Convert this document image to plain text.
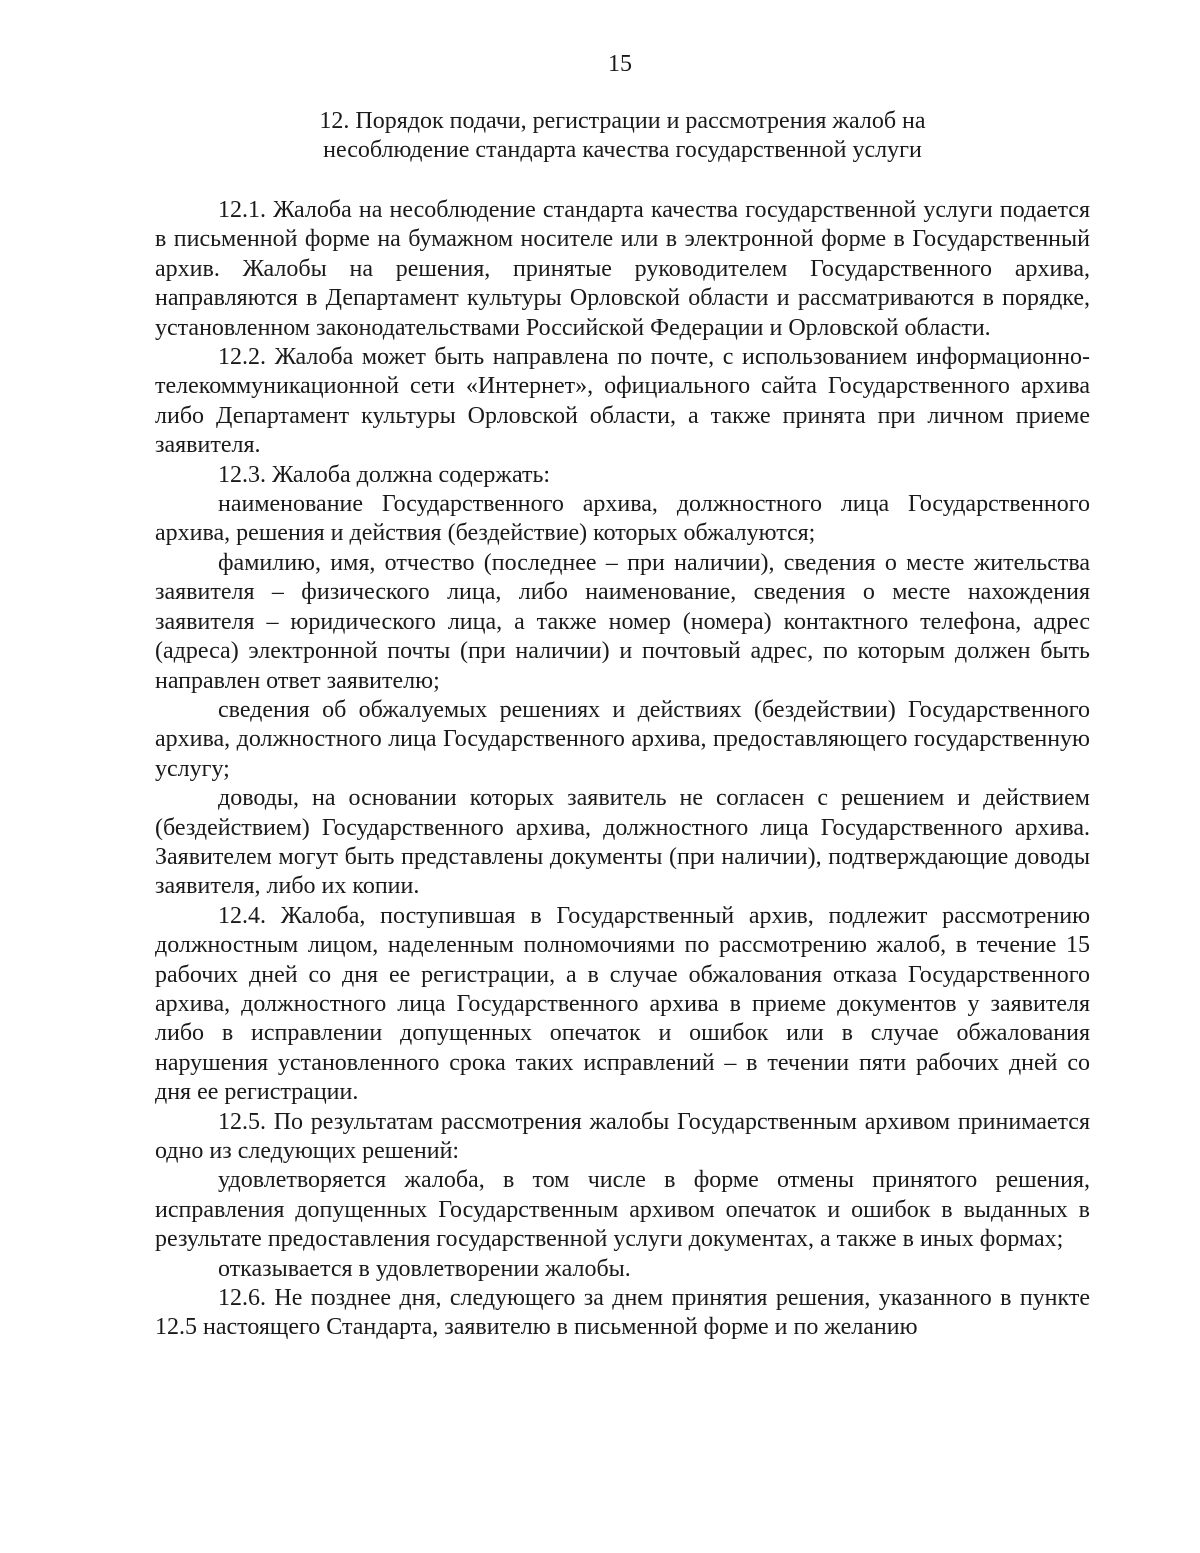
15
12. Порядок подачи, регистрации и рассмотрения жалоб на
несоблюдение стандарта качества государственной услуги

12.1. Жалоба на несоблюдение стандарта качества государственной услуги подается в письменной форме на бумажном носителе или в электронной форме в Государственный архив. Жалобы на решения, принятые руководителем Государственного архива, направляются в Департамент культуры Орловской области и рассматриваются в порядке, установленном законодательствами Российской Федерации и Орловской области.

12.2. Жалоба может быть направлена по почте, с использованием информационно-телекоммуникационной сети «Интернет», официального сайта Государственного архива либо Департамент культуры Орловской области, а также принята при личном приеме заявителя.

12.3. Жалоба должна содержать:

наименование Государственного архива, должностного лица Государственного архива, решения и действия (бездействие) которых обжалуются;

фамилию, имя, отчество (последнее – при наличии), сведения о месте жительства заявителя – физического лица, либо наименование, сведения о месте нахождения заявителя – юридического лица, а также номер (номера) контактного телефона, адрес (адреса) электронной почты (при наличии) и почтовый адрес, по которым должен быть направлен ответ заявителю;

сведения об обжалуемых решениях и действиях (бездействии) Государственного архива, должностного лица Государственного архива, предоставляющего государственную услугу;

доводы, на основании которых заявитель не согласен с решением и действием (бездействием) Государственного архива, должностного лица Государственного архива. Заявителем могут быть представлены документы (при наличии), подтверждающие доводы заявителя, либо их копии.

12.4. Жалоба, поступившая в Государственный архив, подлежит рассмотрению должностным лицом, наделенным полномочиями по рассмотрению жалоб, в течение 15 рабочих дней со дня ее регистрации, а в случае обжалования отказа Государственного архива, должностного лица Государственного архива в приеме документов у заявителя либо в исправлении допущенных опечаток и ошибок или в случае обжалования нарушения установленного срока таких исправлений – в течении пяти рабочих дней со дня ее регистрации.

12.5. По результатам рассмотрения жалобы Государственным архивом принимается одно из следующих решений:

удовлетворяется жалоба, в том числе в форме отмены принятого решения, исправления допущенных Государственным архивом опечаток и ошибок в выданных в результате предоставления государственной услуги документах, а также в иных формах;

отказывается в удовлетворении жалобы.

12.6. Не позднее дня, следующего за днем принятия решения, указанного в пункте 12.5 настоящего Стандарта, заявителю в письменной форме и по желанию
